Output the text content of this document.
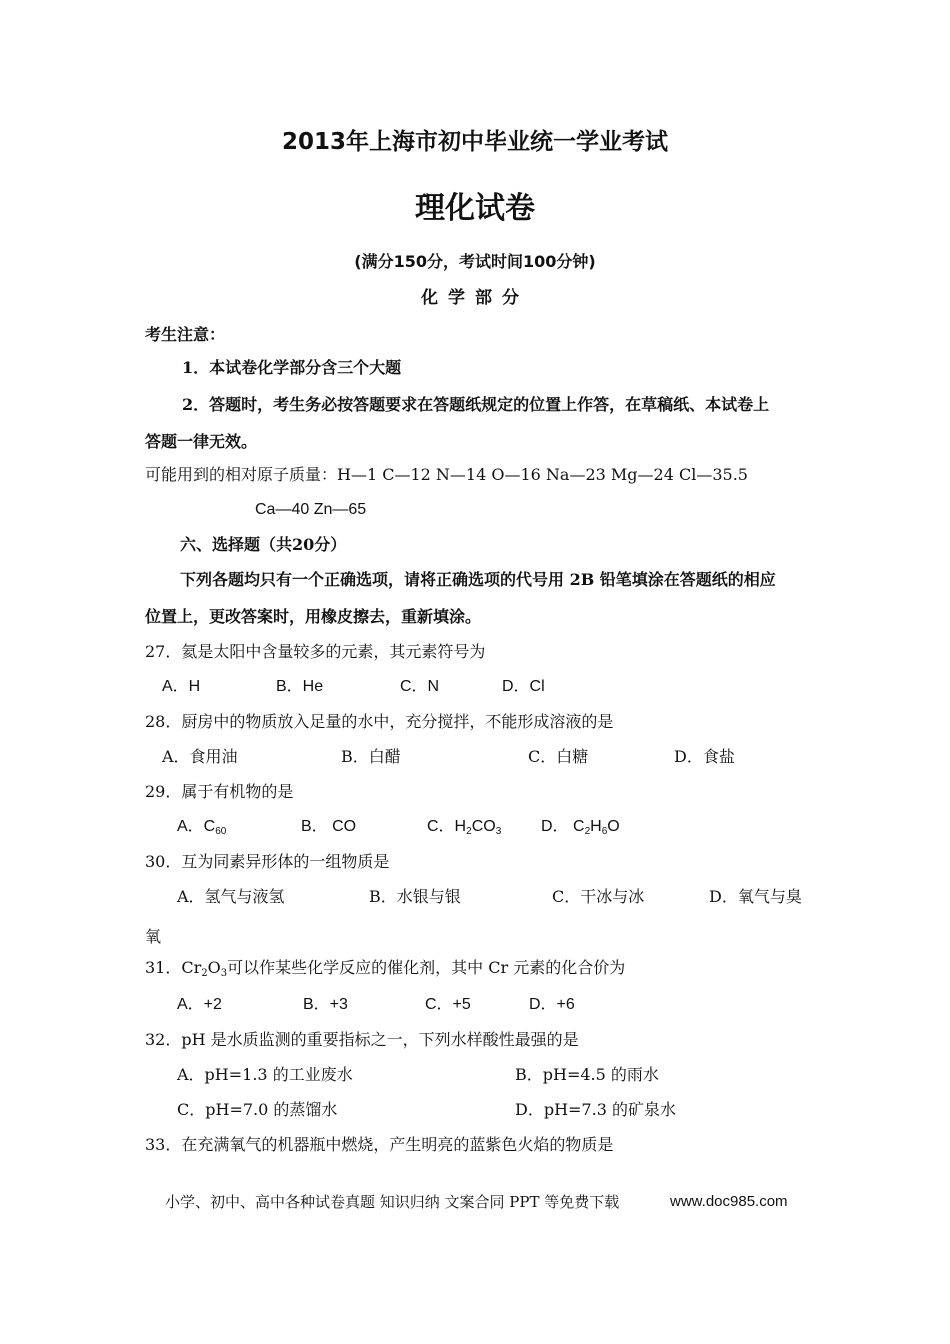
2013年上海市初中毕业统一学业考试
理化试卷
(满分150分，考试时间100分钟)
化学部分
考生注意：
1．本试卷化学部分含三个大题
2．答题时，考生务必按答题要求在答题纸规定的位置上作答，在草稿纸、本试卷上
答题一律无效。
可能用到的相对原子质量：H—1 C—12 N—14 O—16 Na—23 Mg—24 Cl—35.5
Ca—40 Zn—65
六、选择题（共20分）
下列各题均只有一个正确选项，请将正确选项的代号用 2B 铅笔填涂在答题纸的相应
位置上，更改答案时，用橡皮擦去，重新填涂。
27．氦是太阳中含量较多的元素，其元素符号为
A．H	B．He	C．N	D．Cl
28．厨房中的物质放入足量的水中，充分搅拌，不能形成溶液的是
A．食用油	B．白醋	C．白糖	D．食盐
29．属于有机物的是
A．$C_{60}$	B． CO	C．$H_2CO_3$ D． $C_2H_6O$
30．互为同素异形体的一组物质是
A．氢气与液氢	B．水银与银	C．干冰与冰	D．氧气与臭
氧
31．$Cr_2O_3$可以作某些化学反应的催化剂，其中 Cr 元素的化合价为
A．+2	B．+3	C．+5	D．+6
32．pH 是水质监测的重要指标之一，下列水样酸性最强的是
A．pH=1.3 的工业废水	B．pH=4.5 的雨水
C．pH=7.0 的蒸馏水	D．pH=7.3 的矿泉水
33．在充满氧气的机器瓶中燃烧，产生明亮的蓝紫色火焰的物质是
小学、初中、高中各种试卷真题 知识归纳 文案合同 PPT 等免费下载	www.doc985.com
